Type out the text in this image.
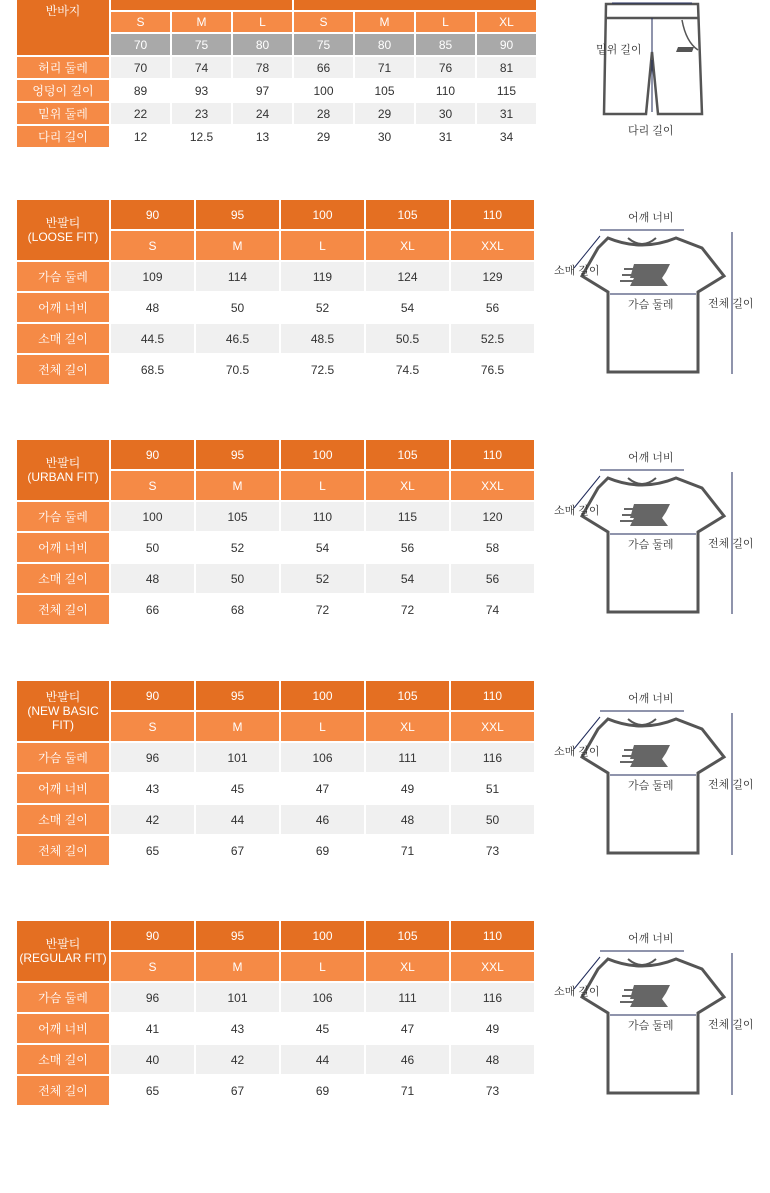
반바지							
	S	M	L	S	M	L	XL
	70	75	80	75	80	85	90
허리 둘레	70	74	78	66	71	76	81
엉덩이 길이	89	93	97	100	105	110	115
밑위 둘레	22	23	24	28	29	30	31
다리 길이	12	12.5	13	29	30	31	34
밑위 길이
다리 길이
반팔티
(LOOSE FIT)	90	95	100	105	110
	S	M	L	XL	XXL
가슴 둘레	109	114	119	124	129
어깨 너비	48	50	52	54	56
소매 길이	44.5	46.5	48.5	50.5	52.5
전체 길이	68.5	70.5	72.5	74.5	76.5
어깨 너비
소매 길이
가슴 둘레	전체 길이
반팔티
(URBAN FIT)	90	95	100	105	110
	S	M	L	XL	XXL
가슴 둘레	100	105	110	115	120
어깨 너비	50	52	54	56	58
소매 길이	48	50	52	54	56
전체 길이	66	68	72	72	74
어깨 너비
소매 길이
가슴 둘레	전체 길이
반팔티
(NEW BASIC FIT)	90	95	100	105	110
	S	M	L	XL	XXL
가슴 둘레	96	101	106	111	116
어깨 너비	43	45	47	49	51
소매 길이	42	44	46	48	50
전체 길이	65	67	69	71	73
어깨 너비
소매 길이
가슴 둘레	전체 길이
반팔티
(REGULAR FIT)	90	95	100	105	110
	S	M	L	XL	XXL
가슴 둘레	96	101	106	111	116
어깨 너비	41	43	45	47	49
소매 길이	40	42	44	46	48
전체 길이	65	67	69	71	73
어깨 너비
소매 길이
가슴 둘레	전체 길이
